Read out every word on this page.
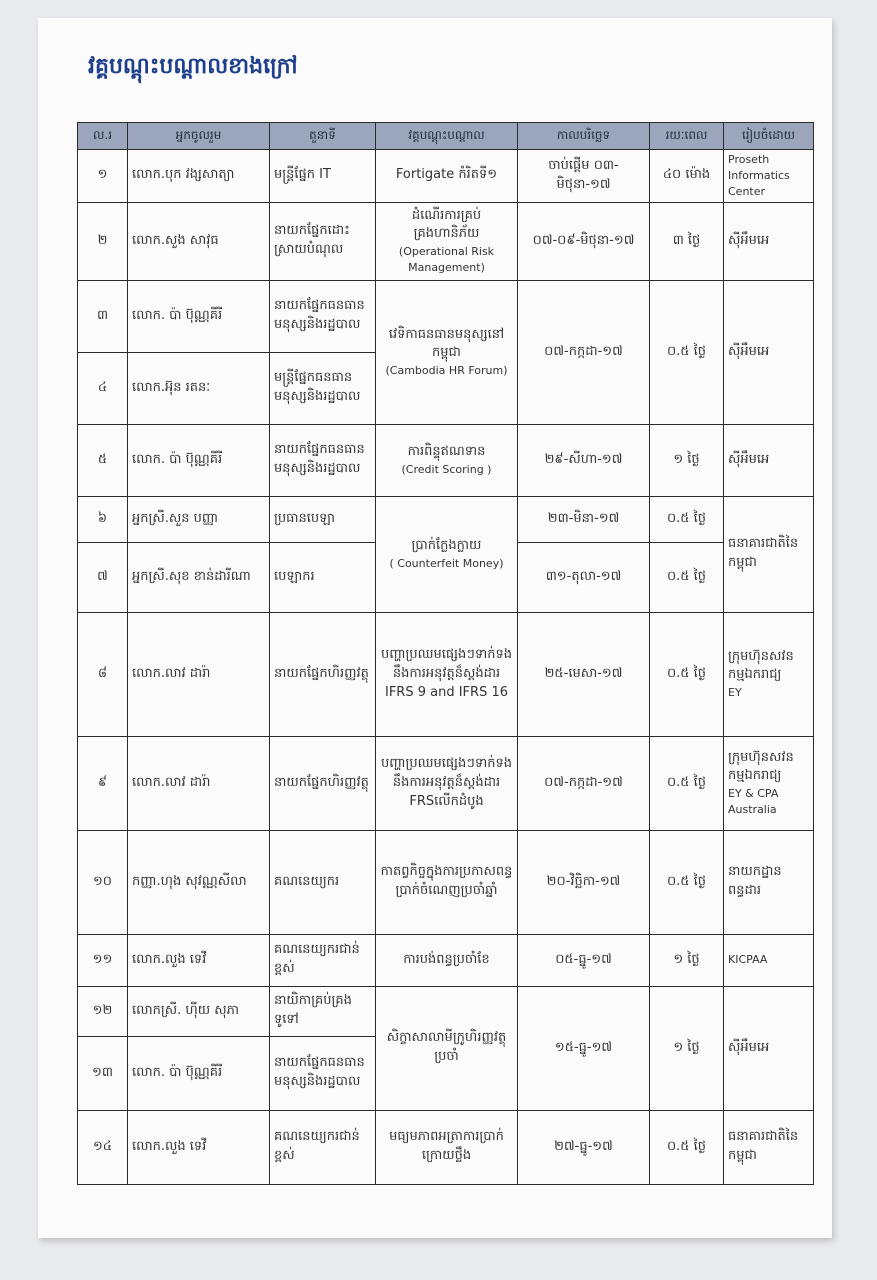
វគ្គបណ្តុះបណ្តាលខាងក្រៅ
ល.រ	អ្នកចូលរួម	តួនាទី	វគ្គបណ្តុះបណ្តាល	កាលបរិច្ឆេទ	រយៈពេល	រៀបចំដោយ
១	លោក.បុក វង្សសាត្យា	មន្ត្រីផ្នែក IT	Fortigate កំរិតទី១	ចាប់ផ្តើម ០៣-មិថុនា-១៧	៤០ ម៉ោង	Proseth Informatics Center
២	លោក.សួង សាវុធ	នាយកផ្នែកដោះស្រាយបំណុល	ដំណើរការគ្រប់គ្រងហានិភ័យ
(Operational Risk Management)	០៧-០៩-មិថុនា-១៧	៣ ថ្ងៃ	ស៊ីអឹមអេ
៣	លោក. ប៉ា ប៊ុណ្ណគីរី	នាយកផ្នែកធនធានមនុស្សនិងរដ្ឋបាល	វេទិកាធនធានមនុស្សនៅកម្ពុជា
(Cambodia HR Forum)	០៧-កក្កដា-១៧	០.៥ ថ្ងៃ	ស៊ីអឹមអេ
៤	លោក.អ៊ុន រតនៈ	មន្ត្រីផ្នែកធនធានមនុស្សនិងរដ្ឋបាល				
៥	លោក. ប៉ា ប៊ុណ្ណគីរី	នាយកផ្នែកធនធានមនុស្សនិងរដ្ឋបាល	ការពិន្ទុឥណទាន
(Credit Scoring )	២៩-សីហា-១៧	១ ថ្ងៃ	ស៊ីអឹមអេ
៦	អ្នកស្រី.សួន បញ្ញា	ប្រធានបេឡា	ប្រាក់ក្លែងក្លាយ
( Counterfeit Money)	២៣-មិនា-១៧	០.៥ ថ្ងៃ	ធនាគារជាតិនៃកម្ពុជា
៧	អ្នកស្រី.សុខ ខាន់ដារីណា	បេឡាករ		៣១-តុលា-១៧	០.៥ ថ្ងៃ	
៨	លោក.លាវ ដារ៉ា	នាយកផ្នែកហិរញ្ញវត្ថុ	បញ្ហាប្រឈមផ្សេងៗទាក់ទងនឹងការអនុវត្តន៏ស្តង់ដារ IFRS 9 and IFRS 16	២៥-មេសា-១៧	០.៥ ថ្ងៃ	ក្រុមហ៊ុនសវនកម្មឯករាជ្យ
EY

៩	លោក.លាវ ដារ៉ា	នាយកផ្នែកហិរញ្ញវត្ថុ	បញ្ហាប្រឈមផ្សេងៗទាក់ទងនឹងការអនុវត្តន៏ស្តង់ដារ FRSលើកដំបូង	០៧-កក្កដា-១៧	០.៥ ថ្ងៃ	ក្រុមហ៊ុនសវនកម្មឯករាជ្យ
EY & CPA Australia

១០	កញ្ញា.ហុង សុវណ្ណសីលា	គណនេយ្យករ	កាតព្វកិច្ចក្នុងការប្រកាសពន្ធប្រាក់ចំណេញប្រចាំឆ្នាំ	២០-វិច្ឆិកា-១៧	០.៥ ថ្ងៃ	នាយកដ្ឋានពន្ធដារ
១១	លោក.លួង ទេវី	គណនេយ្យករជាន់ខ្ពស់	ការបង់ពន្ធប្រចាំខែ	០៥-ធ្នូ-១៧	១ ថ្ងៃ	KICPAA
១២	លោកស្រី. ហ៊ីយ សុភា	នាយិកាគ្រប់គ្រងទូទៅ	សិក្ខាសាលាមីក្រូហិរញ្ញវត្ថុប្រចាំ	១៥-ធ្នូ-១៧	១ ថ្ងៃ	ស៊ីអឹមអេ
១៣	លោក. ប៉ា ប៊ុណ្ណគីរី	នាយកផ្នែកធនធានមនុស្សនិងរដ្ឋបាល				
១៤	លោក.លួង ទេវី	គណនេយ្យករជាន់ខ្ពស់	មធ្យមភាពអត្រាការប្រាក់ក្រោយថ្លឹង	២៧-ធ្នូ-១៧	០.៥ ថ្ងៃ	ធនាគារជាតិនៃកម្ពុជា
